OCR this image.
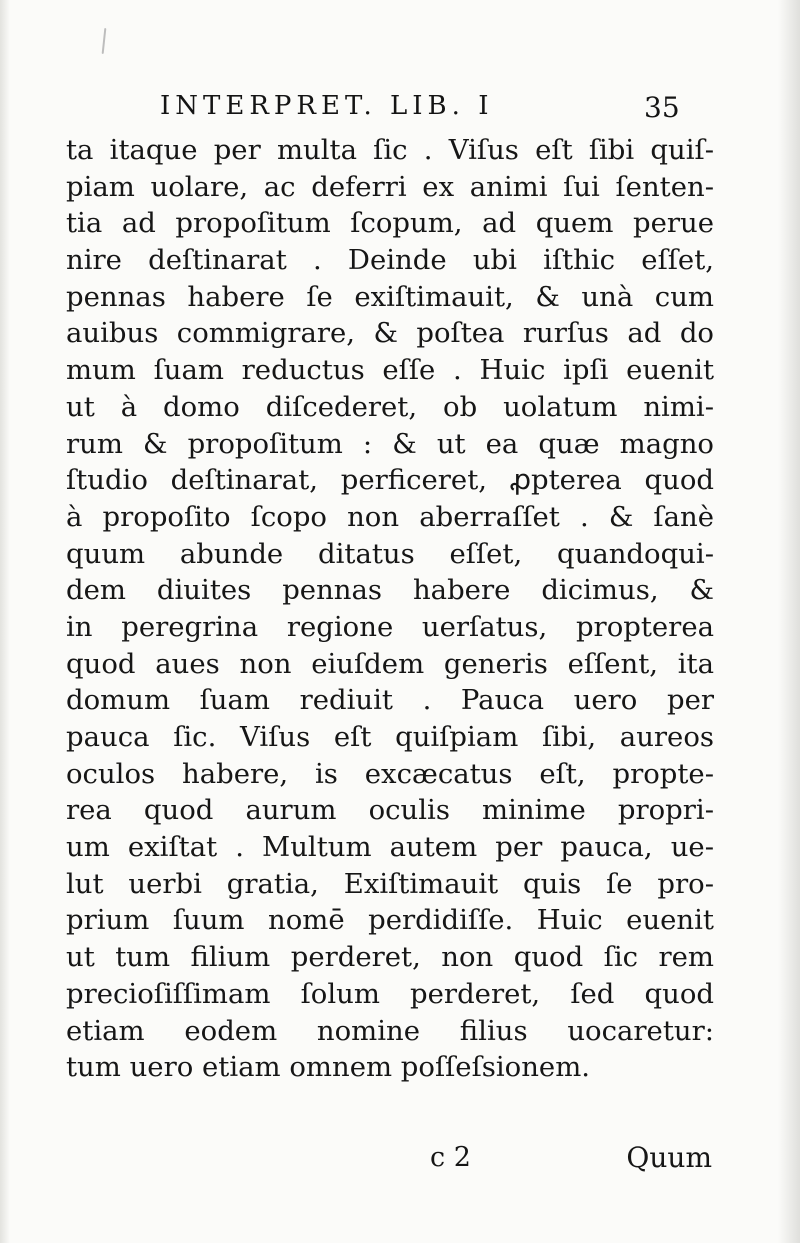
INTERPRET. LIB. I	35
ta itaque per multa ſic . Viſus eſt ſibi quiſ-
piam uolare, ac deferri ex animi ſui ſenten-
tia ad propoſitum ſcopum, ad quem perue
nire deſtinarat . Deinde ubi iſthic eſſet,
pennas habere ſe exiſtimauit, & unà cum
auibus commigrare, & poſtea rurſus ad do
mum ſuam reductus eſſe . Huic ipſi euenit
ut à domo diſcederet, ob uolatum nimi-
rum & propoſitum : & ut ea quæ magno
ſtudio deſtinarat, perficeret, ꝓpterea quod
à propoſito ſcopo non aberraſſet . & ſanè
quum abunde ditatus eſſet, quandoqui-
dem diuites pennas habere dicimus, &
in peregrina regione uerſatus, propterea
quod aues non eiuſdem generis eſſent, ita
domum ſuam rediuit . Pauca uero per
pauca ſic. Viſus eſt quiſpiam ſibi, aureos
oculos habere, is excæcatus eſt, propte-
rea quod aurum oculis minime propri-
um exiſtat . Multum autem per pauca, ue-
lut uerbi gratia, Exiſtimauit quis ſe pro-
prium ſuum nomē perdidiſſe. Huic euenit
ut tum filium perderet, non quod ſic rem
precioſiſſimam ſolum perderet, ſed quod
etiam eodem nomine filius uocaretur:
tum uero etiam omnem poſſeſsionem.
c 2	Quum
